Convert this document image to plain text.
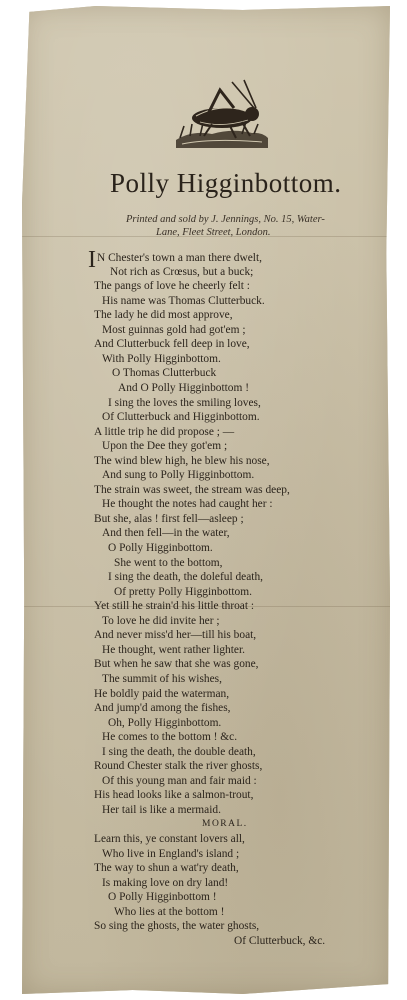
Polly Higginbottom.
Printed and sold by J. Jennings, No. 15, Water-
Lane, Fleet Street, London.
IN Chester's town a man there dwelt,
Not rich as Crœsus, but a buck;
The pangs of love he cheerly felt :
His name was Thomas Clutterbuck.
The lady he did most approve,
Most guinnas gold had got'em ;
And Clutterbuck fell deep in love,
With Polly Higginbottom.
O Thomas Clutterbuck
And O Polly Higginbottom !
I sing the loves the smiling loves,
Of Clutterbuck and Higginbottom.
A little trip he did propose ; —
Upon the Dee they got'em ;
The wind blew high, he blew his nose,
And sung to Polly Higginbottom.
The strain was sweet, the stream was deep,
He thought the notes had caught her :
But she, alas ! first fell—asleep ;
And then fell—in the water,
O Polly Higginbottom.
She went to the bottom,
I sing the death, the doleful death,
Of pretty Polly Higginbottom.
Yet still he strain'd his little throat :
To love he did invite her ;
And never miss'd her—till his boat,
He thought, went rather lighter.
But when he saw that she was gone,
The summit of his wishes,
He boldly paid the waterman,
And jump'd among the fishes,
Oh, Polly Higginbottom.
He comes to the bottom ! &c.
I sing the death, the double death,
Round Chester stalk the river ghosts,
Of this young man and fair maid :
His head looks like a salmon-trout,
Her tail is like a mermaid.
MORAL.
Learn this, ye constant lovers all,
Who live in England's island ;
The way to shun a wat'ry death,
Is making love on dry land!
O Polly Higginbottom !
Who lies at the bottom !
So sing the ghosts, the water ghosts,
Of Clutterbuck, &c.
